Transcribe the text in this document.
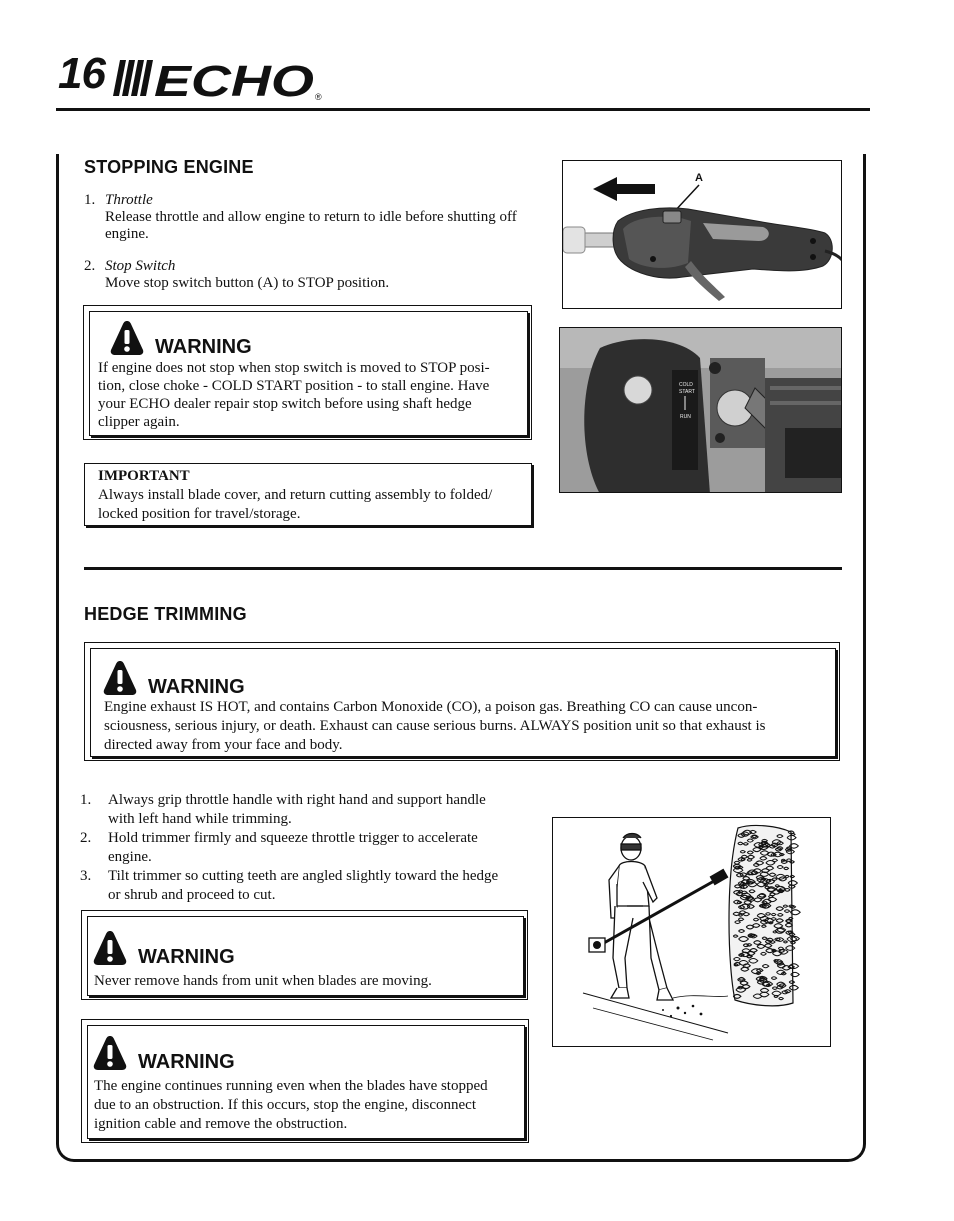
16 ECHO ®
STOPPING ENGINE
1. Throttle
Release throttle and allow engine to return to idle before shutting off engine.
2. Stop Switch
Move stop switch button (A) to STOP position.
WARNING
If engine does not stop when stop switch is moved to STOP posi-
tion, close choke - COLD START position - to stall engine. Have
your ECHO dealer repair stop switch before using shaft hedge
clipper again.
IMPORTANT
Always install blade cover, and return cutting assembly to folded/
locked position for travel/storage.
A
COLD
START
RUN
HEDGE TRIMMING
WARNING
Engine exhaust IS HOT, and contains Carbon Monoxide (CO), a poison gas. Breathing CO can cause uncon-
sciousness, serious injury, or death. Exhaust can cause serious burns. ALWAYS position unit so that exhaust is
directed away from your face and body.
1. Always grip throttle handle with right hand and support handle
with left hand while trimming.
2. Hold trimmer firmly and squeeze throttle trigger to accelerate
engine.
3. Tilt trimmer so cutting teeth are angled slightly toward the hedge
or shrub and proceed to cut.
WARNING
Never remove hands from unit when blades are moving.
WARNING
The engine continues running even when the blades have stopped
due to an obstruction. If this occurs, stop the engine, disconnect
ignition cable and remove the obstruction.
